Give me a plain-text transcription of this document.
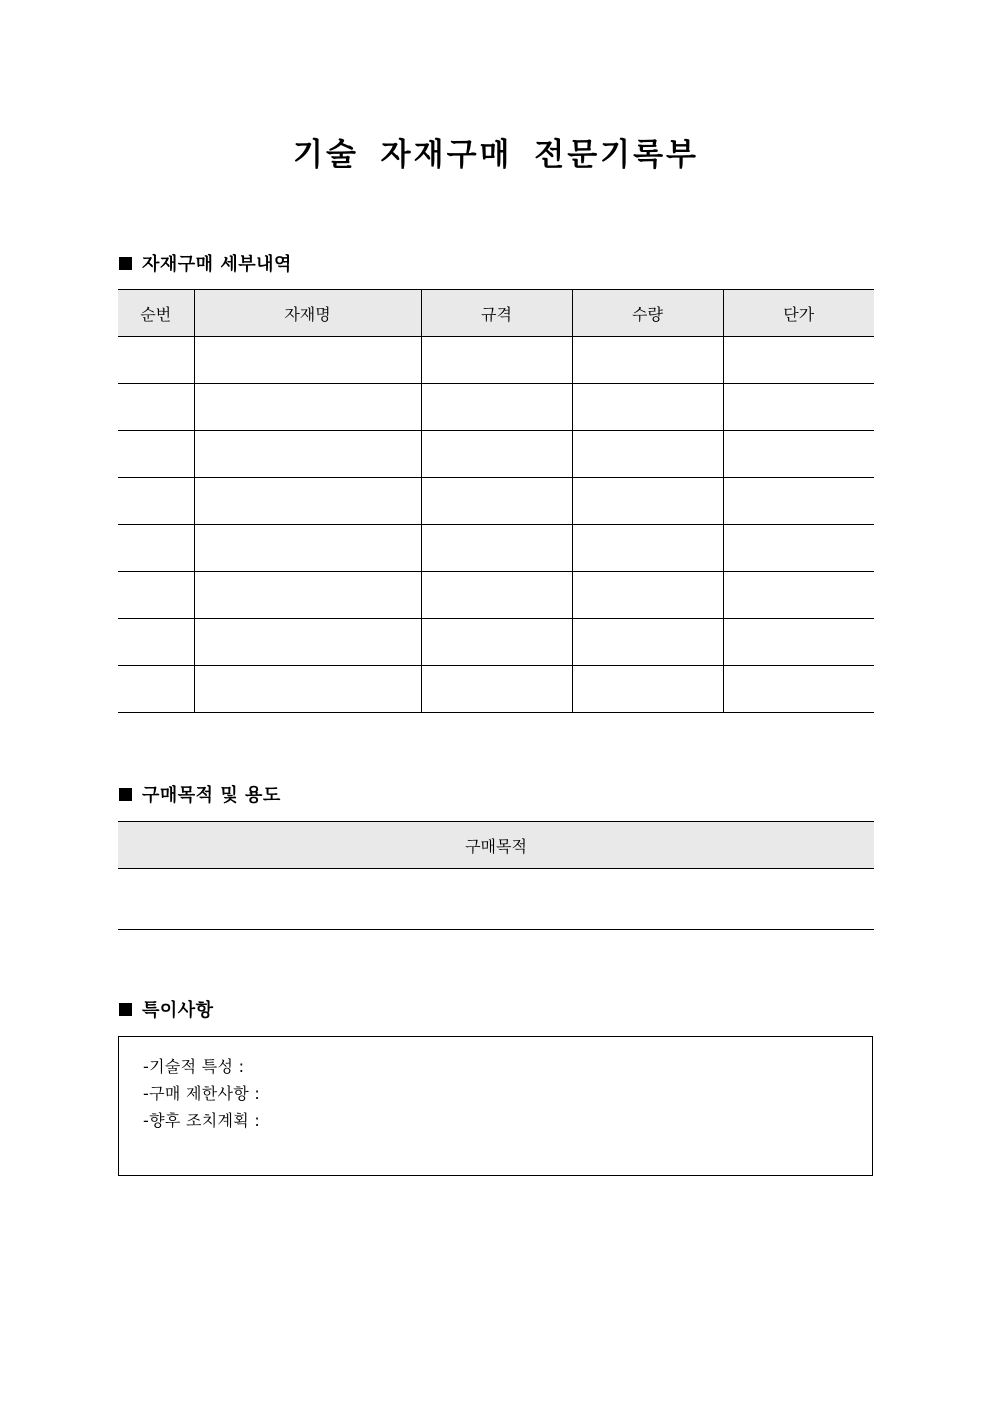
기술 자재구매 전문기록부
자재구매 세부내역
순번	자재명	규격	수량	단가

구매목적 및 용도
구매목적

특이사항
-기술적 특성 :
-구매 제한사항 :
-향후 조치계획 :
